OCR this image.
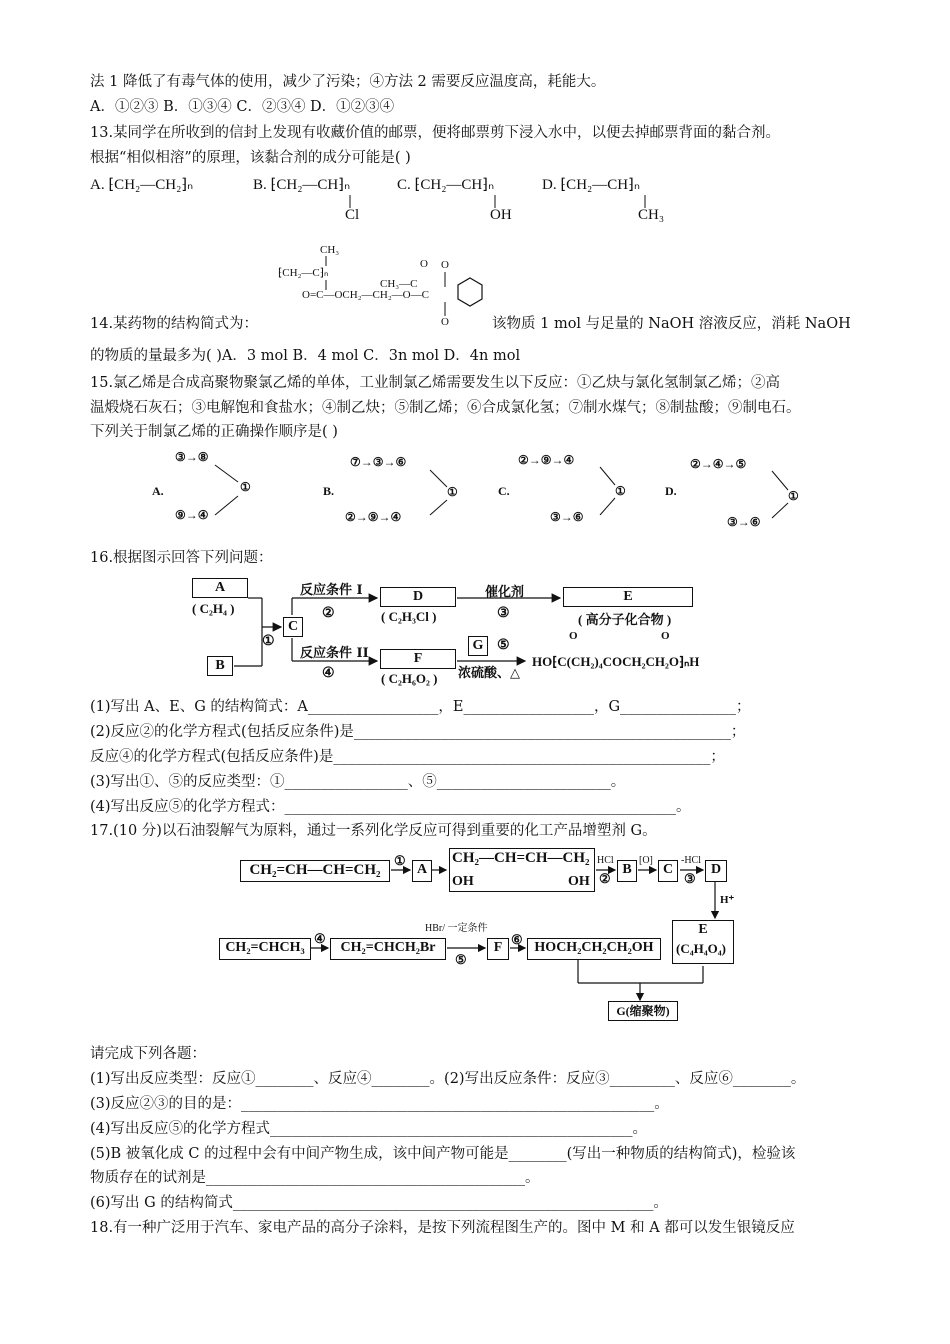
法 1 降低了有毒气体的使用，减少了污染；④方法 2 需要反应温度高，耗能大。
A．①②③ B．①③④ C．②③④ D．①②③④
13.某同学在所收到的信封上发现有收藏价值的邮票，便将邮票剪下浸入水中，以便去掉邮票背面的黏合剂。
根据“相似相溶”的原理，该黏合剂的成分可能是( )
A. ⁅CH₂—CH₂⁆ₙ	B. ⁅CH₂—CH⁆ₙ
Cl
C. ⁅CH₂—CH⁆ₙ
OH
D. ⁅CH₂—CH⁆ₙ
CH₃
CH₃
⁅CH₂—C⁆ₙ
O=C—OCH₂—CH₂—O—C
O
CH₃—C
O
O
14.某药物的结构简式为：	该物质 1 mol 与足量的 NaOH 溶液反应，消耗 NaOH
的物质的量最多为( )A．3 mol B．4 mol C．3n mol D．4n mol
15.氯乙烯是合成高聚物聚氯乙烯的单体，工业制氯乙烯需要发生以下反应：①乙炔与氯化氢制氯乙烯；②高
温煅烧石灰石；③电解饱和食盐水；④制乙炔；⑤制乙烯；⑥合成氯化氢；⑦制水煤气；⑧制盐酸；⑨制电石。
下列关于制氯乙烯的正确操作顺序是( )
A.
③→⑧
⑨→④
①	B.
⑦→③→⑥
②→⑨→④
①	C.
②→⑨→④
③→⑥
①	D.
②→④→⑤
③→⑥
①
16.根据图示回答下列问题：
A
( C₂H₄ )
B
C
①
反应条件 I
②
反应条件 II
④
D
( C₂H₃Cl )
F
( C₂H₆O₂ )
催化剂
③
E
( 高分子化合物 )
G ⑤
浓硫酸、△
O	O
HO⁅C(CH₂)₄COCH₂CH₂O⁆ₙH
(1)写出 A、E、G 的结构简式：A__________________，E__________________，G________________；
(2)反应②的化学方程式(包括反应条件)是____________________________________________________；
反应④的化学方程式(包括反应条件)是____________________________________________________；
(3)写出①、⑤的反应类型：①_________________、⑤________________________。
(4)写出反应⑤的化学方程式：______________________________________________________。
17.(10 分)以石油裂解气为原料，通过一系列化学反应可得到重要的化工产品增塑剂 G。
CH₂=CH—CH=CH₂
①
A
CH₂—CH=CH—CH₂
OH	OH
HCl
②
B
[O]
C
-HCl
③
D
H⁺
E
(C₄H₄O₄)
CH₂=CHCH₃
④
CH₂=CHCH₂Br
HBr/ 一定条件
⑤
F
⑥
HOCH₂CH₂CH₂OH
G(缩聚物)
请完成下列各题：
(1)写出反应类型：反应①________、反应④________。(2)写出反应条件：反应③_________、反应⑥________。
(3)反应②③的目的是：_________________________________________________________。
(4)写出反应⑤的化学方程式__________________________________________________。
(5)B 被氧化成 C 的过程中会有中间产物生成，该中间产物可能是________(写出一种物质的结构简式)，检验该
物质存在的试剂是____________________________________________。
(6)写出 G 的结构简式__________________________________________________________。
18.有一种广泛用于汽车、家电产品的高分子涂料，是按下列流程图生产的。图中 M 和 A 都可以发生银镜反应
